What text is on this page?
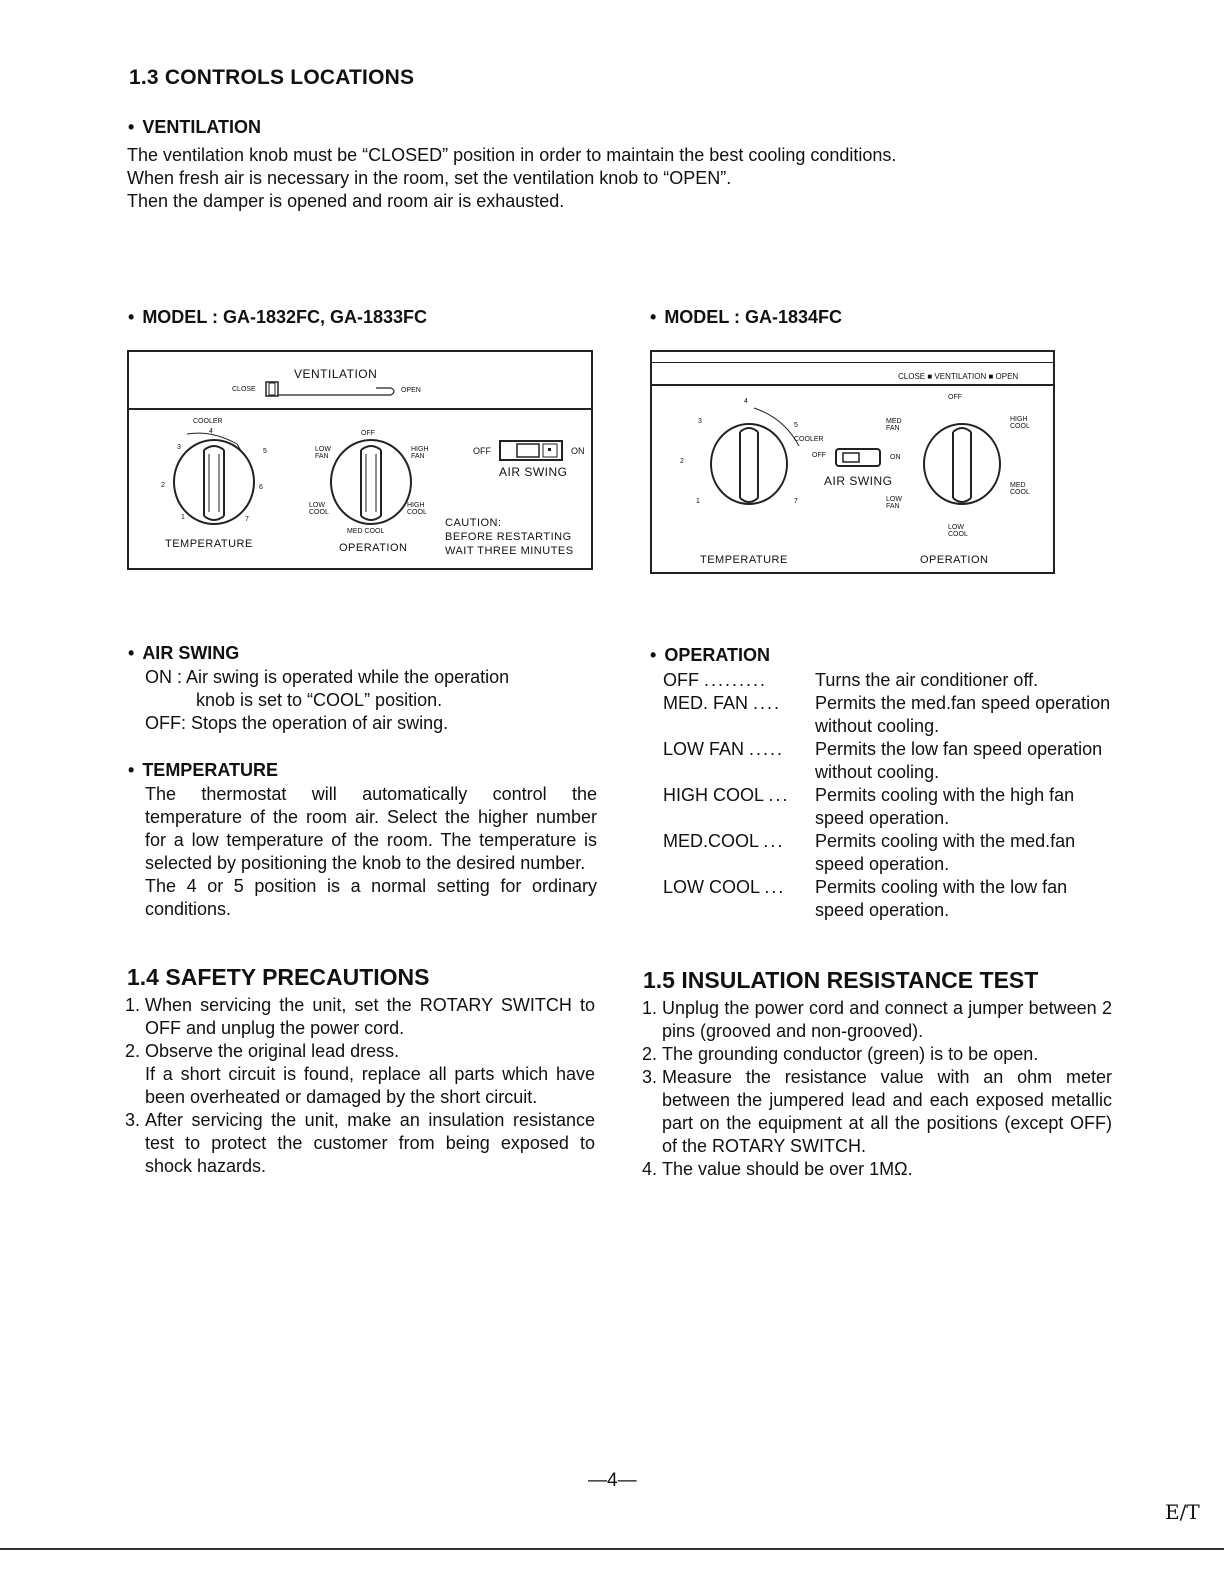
1.3 CONTROLS LOCATIONS
• VENTILATION

The ventilation knob must be “CLOSED” position in order to maintain the best cooling conditions.

When fresh air is necessary in the room, set the ventilation knob to “OPEN”.

Then the damper is opened and room air is exhausted.

• MODEL : GA-1832FC, GA-1833FC	• MODEL : GA-1834FC
VENTILATION
CLOSE	OPEN
COOLER
3
4
5
2	6
1	7
TEMPERATURE
OFF
LOW
FAN
HIGH
FAN
LOW
COOL
HIGH
COOL
MED COOL
OPERATION
OFF	ON
AIR SWING
CAUTION:
BEFORE RESTARTING
WAIT THREE MINUTES
CLOSE ■ VENTILATION ■ OPEN
4
3
5
COOLER
2
1	7
TEMPERATURE
OFF	ON
AIR SWING
OFF
MED
FAN
HIGH
COOL
MED
COOL
LOW
FAN
LOW
COOL
OPERATION
• AIR SWING

ON : Air swing is operated while the operation

knob is set to “COOL” position.

OFF: Stops the operation of air swing.

• TEMPERATURE

The thermostat will automatically control the temperature of the room air. Select the higher number for a low temperature of the room. The temperature is selected by positioning the knob to the desired number.

The 4 or 5 position is a normal setting for ordinary conditions.

• OPERATION
OFF .........	Turns the air conditioner off.
MED. FAN ....	Permits the med.fan speed operation without cooling.
LOW FAN .....	Permits the low fan speed operation without cooling.
HIGH COOL ...	Permits cooling with the high fan speed operation.
MED.COOL ...	Permits cooling with the med.fan speed operation.
LOW COOL ...	Permits cooling with the low fan speed operation.
1.4 SAFETY PRECAUTIONS
1. When servicing the unit, set the ROTARY SWITCH to OFF and unplug the power cord.
2. Observe the original lead dress.
If a short circuit is found, replace all parts which have been overheated or damaged by the short circuit.
3. After servicing the unit, make an insulation resistance test to protect the customer from being exposed to shock hazards.
1.5 INSULATION RESISTANCE TEST
1. Unplug the power cord and connect a jumper between 2 pins (grooved and non-grooved).
2. The grounding conductor (green) is to be open.
3. Measure the resistance value with an ohm meter between the jumpered lead and each exposed metallic part on the equipment at all the positions (except OFF) of the ROTARY SWITCH.
4. The value should be over 1MΩ.
—4—
E/T
